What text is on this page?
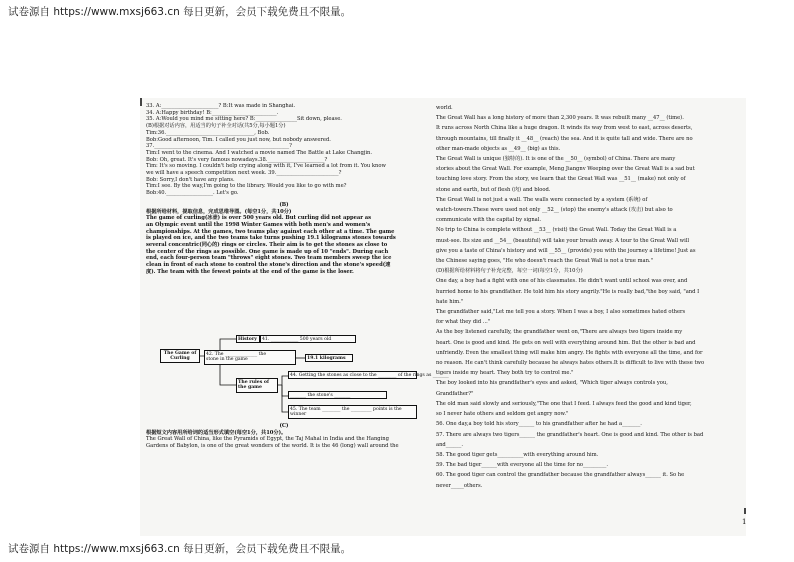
试卷源自 https://www.mxsj663.cn 每日更新，会员下载免费且不限量。

33. A:______________________? B:It was made in Shanghai.

34. A:Happy birthday! B:_________________________.

35. A:Would you mind me sitting here? B:________________Sit down, please.

(B)根据对话内容，用适当的句子补全对话(共5分,每小题1分)

Tim:36.__________________________________, Bob.

Bob:Good afternoon, Tim. I called you just now, but nobody answered.

37.____________________________________________________?

Tim:I went to the cinema. And I watched a movie named The Battle at Lake Changjin.

Bob: Oh, great. It's very famous nowadays.38.______________________?

Tim: It's so moving. I couldn't help crying along with it, I've learned a lot from it. You know

we will have a speech competition next week. 39.________________________?

Bob: Sorry,I don't have any plans.

Tim:I see. By the way,I'm going to the library. Would you like to go with me?

Bob:40.__________________. Let's go.

(B)

根据所给材料，提取信息，完成思维导图。(每空1分，共10分)

The game of curling(冰壶) is over 500 years old. But curling did not appear as

an Olympic event until the 1998 Winter Games with both men's and women's

championships. At the games, two teams play against each other at a time. The game

is played on ice, and the two teams take turns pushing 19.1 kilograms stones towards

several concentric(同心的) rings or circles. Their aim is to get the stones as close to

the center of the rings as possible. One game is made up of 10 "ends". During each

end, each four-person team "throws" eight stones. Two team members sweep the ice

clean in front of each stone to control the stone's direction and the stone's speed(速

度). The team with the fewest points at the end of the game is the loser.

The Game of Curling
History	41. ____________ 500 years old
42. The ______________ the
stone in the game	19.1 kilograms
The rules of the game
44. Getting the stones as close to the ________ of the rings as _______
_______ the stone's _______
45. The team ________ the _________ points is the winner

(C)

根据短文内容用所给词的适当形式填空(每空1分，共10分)。

The Great Wall of China, like the Pyramids of Egypt, the Taj Mahal in India and the Hanging

Gardens of Babylon, is one of the great wonders of the world. It is the 46 (long) wall around the

world.

The Great Wall has a long history of more than 2,300 years. It was rebuilt many __47__ (time).

It runs across North China like a huge dragon. It winds its way from west to east, across deserts,

through mountains, till finally it __48__ (reach) the sea. And it is quite tall and wide. There are no

other man-made objects as __49__ (big) as this.

The Great Wall is unique (独特的). It is one of the __50__ (symbol) of China. There are many

stories about the Great Wall. For example, Meng Jiangnv Weeping over the Great Wall is a sad but

touching love story. From the story, we learn that the Great Wall was __51__ (make) not only of

stone and earth, but of flesh (肉) and blood.

The Great Wall is not just a wall. The walls were connected by a system (系统) of

watch-towers.These were used not only __52__ (stop) the enemy's attack (攻击) but also to

communicate with the capital by signal.

No trip to China is complete without __53__ (visit) the Great Wall. Today the Great Wall is a

must-see. Its size and __54__ (beautiful) will take your breath away. A tour to the Great Wall will

give you a taste of China's history and will __55__ (provide) you with the journey a lifetime! Just as

the Chinese saying goes, "He who doesn't reach the Great Wall is not a true man."

(D)根据所给材料将句子补充完整，每空一词(每空1分，共10分)

One day, a boy had a fight with one of his classmates. He didn't want until school was over, and

hurried home to his grandfather. He told him his story angrily."He is really bad,"the boy said, "and I

hate him."

The grandfather said,"Let me tell you a story. When I was a boy, I also sometimes hated others

for what they did ..."

As the boy listened carefully, the grandfather went on,"There are always two tigers inside my

heart. One is good and kind. He gets on well with everything around him. But the other is bad and

unfriendly. Even the smallest thing will make him angry. He fights with everyone all the time, and for

no reason. He can't think carefully because he always hates others.It is difficult to live with these two

tigers inside my heart. They both try to control me."

The boy looked into his grandfather's eyes and asked, "Which tiger always controls you,

Grandfather?"

The old man said slowly and seriously,"The one that I feed. I always feed the good and kind tiger,

so I never hate others and seldom get angry now."

56. One day,a boy told his story______ to his grandfather after he had a_______.

57. There are always two tigers______ the grandfather's heart. One is good and kind. The other is bad

and______.

58. The good tiger gets__________with everything around him.

59. The bad tiger______with everyone all the time for no_________.

60. The good tiger can control the grandfather because the grandfather always______ it. So he

never_____others.

1
试卷源自 https://www.mxsj663.cn 每日更新，会员下载免费且不限量。
